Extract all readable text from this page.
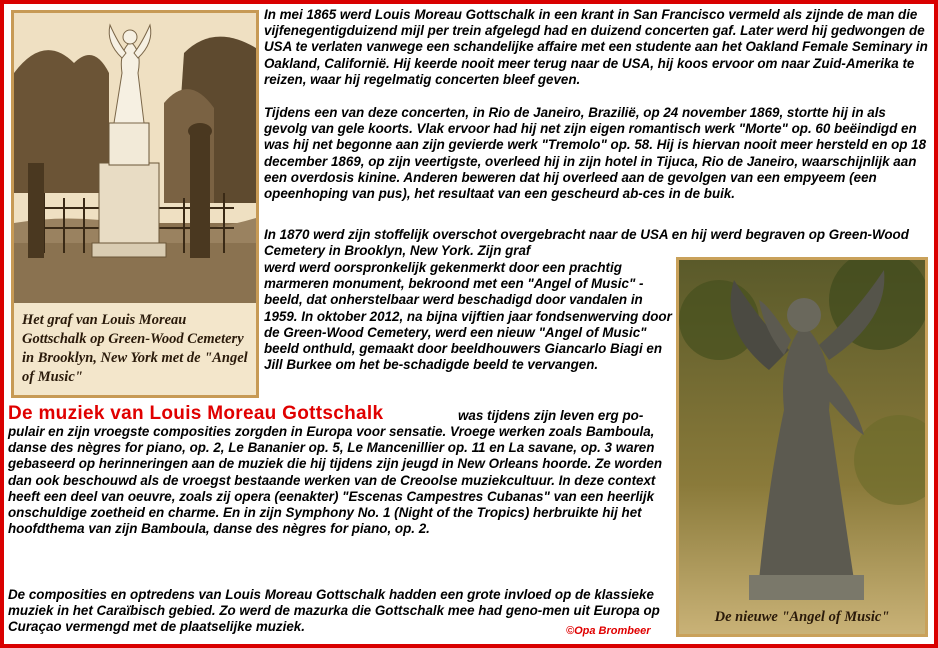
Het graf van Louis Moreau Gottschalk op Green-Wood Cemetery in Brooklyn, New York met de "Angel of Music"
De nieuwe "Angel of Music"

In mei 1865 werd Louis Moreau Gottschalk in een krant in San Francisco vermeld als zijnde de man die vijfenegentigduizend mijl per trein afgelegd had en duizend concerten gaf. Later werd hij gedwongen de USA te verlaten vanwege een schandelijke affaire met een studente aan het Oakland Female Seminary in Oakland, Californië. Hij keerde nooit meer terug naar de USA, hij koos ervoor om naar Zuid-Amerika te reizen, waar hij regelmatig concerten bleef geven.

Tijdens een van deze concerten, in Rio de Janeiro, Brazilië, op 24 november 1869, stortte hij in als gevolg van gele koorts. Vlak ervoor had hij net zijn eigen romantisch werk "Morte" op. 60 beëindigd en was hij net begonne aan zijn gevierde werk "Tremolo" op. 58. Hij is hiervan nooit meer hersteld en op 18 december 1869, op zijn veertigste, overleed hij in zijn hotel in Tijuca, Rio de Janeiro, waarschijnlijk aan een overdosis kinine. Anderen beweren dat hij overleed aan de gevolgen van een empyeem (een opeenhoping van pus), het resultaat van een gescheurd ab-ces in de buik.

In 1870 werd zijn stoffelijk overschot overgebracht naar de USA en hij werd begraven op Green-Wood Cemetery in Brooklyn, New York. Zijn graf

werd werd oorspronkelijk gekenmerkt door een prachtig marmeren monument, bekroond met een "Angel of Music" -beeld, dat onherstelbaar werd beschadigd door vandalen in 1959. In oktober 2012, na bijna vijftien jaar fondsenwerving door de Green-Wood Cemetery, werd een nieuw "Angel of Music" beeld onthuld, gemaakt door beeldhouwers Giancarlo Biagi en Jill Burkee om het be-schadigde beeld te vervangen.

De muziek van Louis Moreau Gottschalk	was tijdens zijn leven erg po-

pulair en zijn vroegste composities zorgden in Europa voor sensatie. Vroege werken zoals Bamboula, danse des nègres for piano, op. 2, Le Bananier op. 5, Le Mancenillier op. 11 en La savane, op. 3 waren gebaseerd op herinneringen aan de muziek die hij tijdens zijn jeugd in New Orleans hoorde. Ze worden dan ook beschouwd als de vroegst bestaande werken van de Creoolse muziekcultuur. In deze context heeft een deel van oeuvre, zoals zij opera (eenakter) "Escenas Campestres Cubanas" van een heerlijk onschuldige zoetheid en charme. En in zijn Symphony No. 1 (Night of the Tropics) herbruikte hij het hoofdthema van zijn Bamboula, danse des nègres for piano, op. 2.

De composities en optredens van Louis Moreau Gottschalk hadden een grote invloed op de klassieke muziek in het Caraïbisch gebied. Zo werd de mazurka die Gottschalk mee had geno-men uit Europa op Curaçao vermengd met de plaatselijke muziek.	©Opa Brombeer
